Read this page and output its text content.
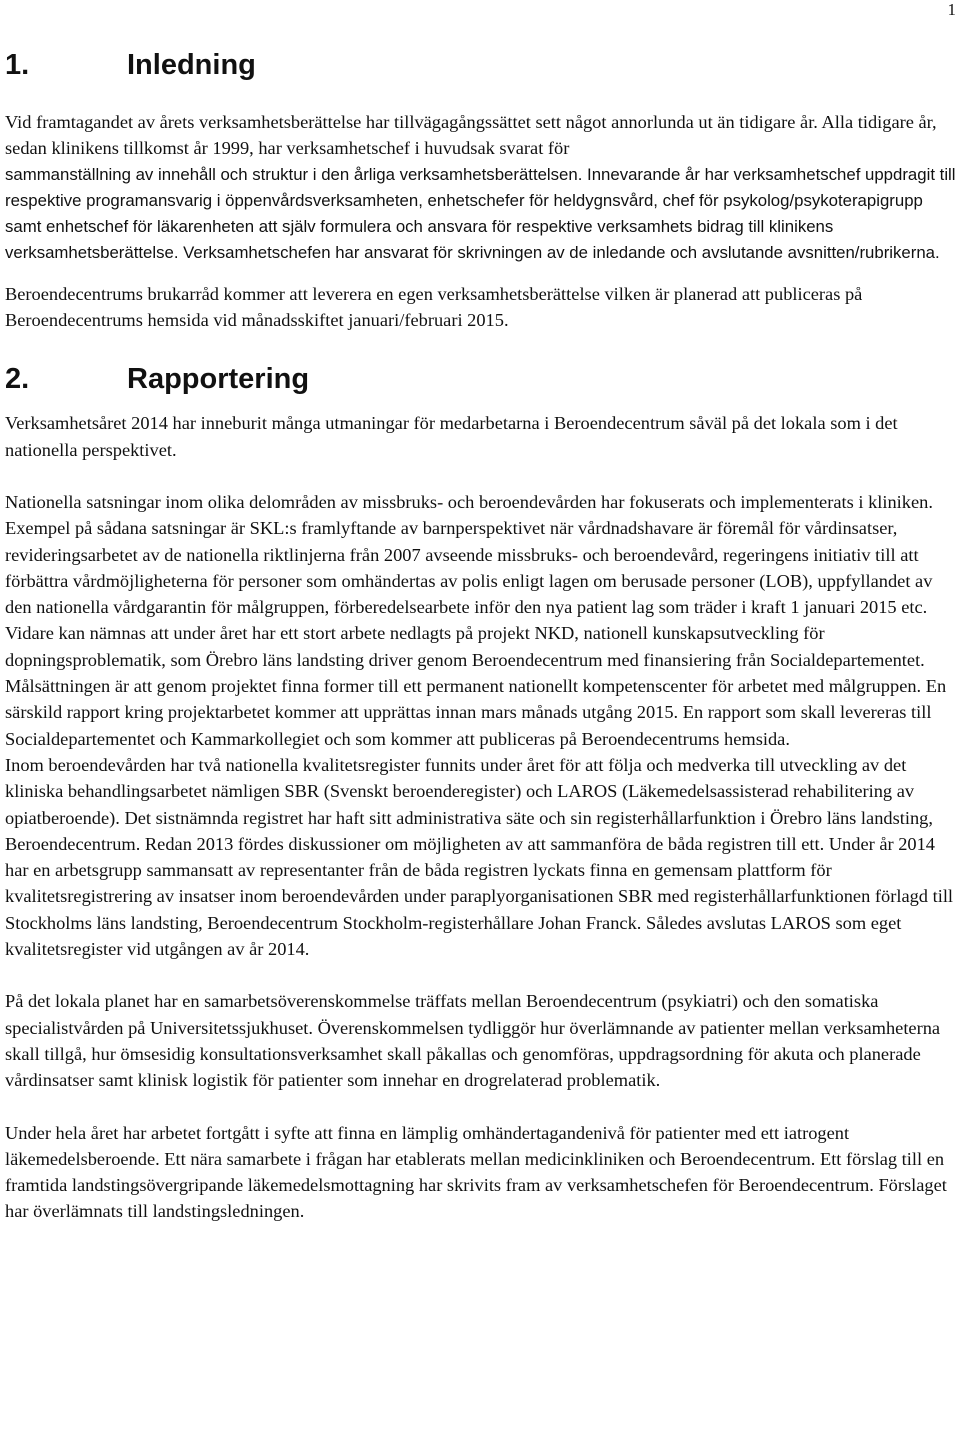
1
1.	Inledning

Vid framtagandet av årets verksamhetsberättelse har tillvägagångssättet sett något annorlunda ut än tidigare år. Alla tidigare år, sedan klinikens tillkomst år 1999, har verksamhetschef i huvudsak svarat för

sammanställning av innehåll och struktur i den årliga verksamhetsberättelsen. Innevarande år har verksamhetschef uppdragit till respektive programansvarig i öppenvårdsverksamheten, enhetschefer för heldygnsvård, chef för psykolog/psykoterapigrupp samt enhetschef för läkarenheten att själv formulera och ansvara för respektive verksamhets bidrag till klinikens verksamhetsberättelse. Verksamhetschefen har ansvarat för skrivningen av de inledande och avslutande avsnitten/rubrikerna.

Beroendecentrums brukarråd kommer att leverera en egen verksamhetsberättelse vilken är planerad att publiceras på Beroendecentrums hemsida vid månadsskiftet januari/februari 2015.

2.	Rapportering

Verksamhetsåret 2014 har inneburit många utmaningar för medarbetarna i Beroendecentrum såväl på det lokala som i det nationella perspektivet.

Nationella satsningar inom olika delområden av missbruks- och beroendevården har fokuserats och implementerats i kliniken. Exempel på sådana satsningar är SKL:s framlyftande av barnperspektivet när vårdnadshavare är föremål för vårdinsatser, revideringsarbetet av de nationella riktlinjerna från 2007 avseende missbruks- och beroendevård, regeringens initiativ till att förbättra vårdmöjligheterna för personer som omhändertas av polis enligt lagen om berusade personer (LOB), uppfyllandet av den nationella vårdgarantin för målgruppen, förberedelsearbete inför den nya patient lag som träder i kraft 1 januari 2015 etc.

Vidare kan nämnas att under året har ett stort arbete nedlagts på projekt NKD, nationell kunskapsutveckling för dopningsproblematik, som Örebro läns landsting driver genom Beroendecentrum med finansiering från Socialdepartementet. Målsättningen är att genom projektet finna former till ett permanent nationellt kompetenscenter för arbetet med målgruppen. En särskild rapport kring projektarbetet kommer att upprättas innan mars månads utgång 2015. En rapport som skall levereras till Socialdepartementet och Kammarkollegiet och som kommer att publiceras på Beroendecentrums hemsida.

Inom beroendevården har två nationella kvalitetsregister funnits under året för att följa och medverka till utveckling av det kliniska behandlingsarbetet nämligen SBR (Svenskt beroenderegister) och LAROS (Läkemedelsassisterad rehabilitering av opiatberoende). Det sistnämnda registret har haft sitt administrativa säte och sin registerhållarfunktion i Örebro läns landsting, Beroendecentrum. Redan 2013 fördes diskussioner om möjligheten av att sammanföra de båda registren till ett. Under år 2014 har en arbetsgrupp sammansatt av representanter från de båda registren lyckats finna en gemensam plattform för kvalitetsregistrering av insatser inom beroendevården under paraplyorganisationen SBR med registerhållarfunktionen förlagd till Stockholms läns landsting, Beroendecentrum Stockholm-registerhållare Johan Franck. Således avslutas LAROS som eget kvalitetsregister vid utgången av år 2014.

På det lokala planet har en samarbetsöverenskommelse träffats mellan Beroendecentrum (psykiatri) och den somatiska specialistvården på Universitetssjukhuset. Överenskommelsen tydliggör hur överlämnande av patienter mellan verksamheterna skall tillgå, hur ömsesidig konsultationsverksamhet skall påkallas och genomföras, uppdragsordning för akuta och planerade vårdinsatser samt klinisk logistik för patienter som innehar en drogrelaterad problematik.

Under hela året har arbetet fortgått i syfte att finna en lämplig omhändertagandenivå för patienter med ett iatrogent läkemedelsberoende. Ett nära samarbete i frågan har etablerats mellan medicinkliniken och Beroendecentrum. Ett förslag till en framtida landstingsövergripande läkemedelsmottagning har skrivits fram av verksamhetschefen för Beroendecentrum. Förslaget har överlämnats till landstingsledningen.
